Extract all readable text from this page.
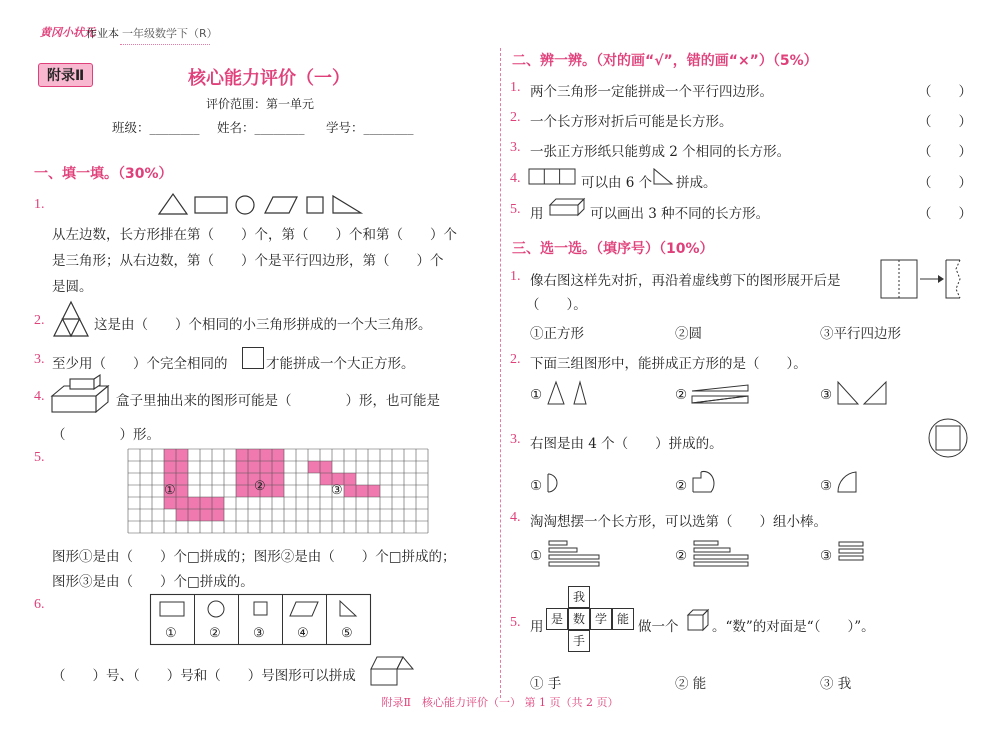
黄冈小状元
作业本 一年级数学下（R）
附录Ⅱ	核心能力评价（一）
评价范围：第一单元
班级：________ 姓名：________ 学号：________
一、填一填。（30%）
1.
从左边数，长方形排在第（　　）个，第（　　）个和第（　　）个
是三角形；从右边数，第（　　）个是平行四边形，第（　　）个
是圆。
2.	这是由（　　）个相同的小三角形拼成的一个大三角形。
3. 至少用（　　）个完全相同的	才能拼成一个大正方形。
4.	盒子里抽出来的图形可能是（　　　　）形，也可能是
（　　　　）形。
5.
①	②	③
图形①是由（　　）个□拼成的；图形②是由（　　）个□拼成的；
图形③是由（　　）个□拼成的。
6.
① ② ③ ④ ⑤
（　　）号、（　　）号和（　　）号图形可以拼成
二、辨一辨。（对的画“√”，错的画“×”）（5%）
1. 两个三角形一定能拼成一个平行四边形。	（　　）
2. 一个长方形对折后可能是长方形。	（　　）
3. 一张正方形纸只能剪成 2 个相同的长方形。	（　　）
4.	可以由 6 个 拼成。	（　　）
5. 用	可以画出 3 种不同的长方形。	（　　）
三、选一选。（填序号）（10%）
1. 像右图这样先对折，再沿着虚线剪下的图形展开后是
（　　）。
①正方形	②圆	③平行四边形
2. 下面三组图形中，能拼成正方形的是（　　）。
①	②	③
3. 右图是由 4 个（　　）拼成的。
①	②	③
4. 淘淘想摆一个长方形，可以选第（　　）组小棒。
①	②	③
5. 用
我
是 数 学 能
手
做一个 。“数”的对面是“（　　）”。
① 手	② 能	③ 我
附录Ⅱ　核心能力评价（一） 第 1 页（共 2 页）
